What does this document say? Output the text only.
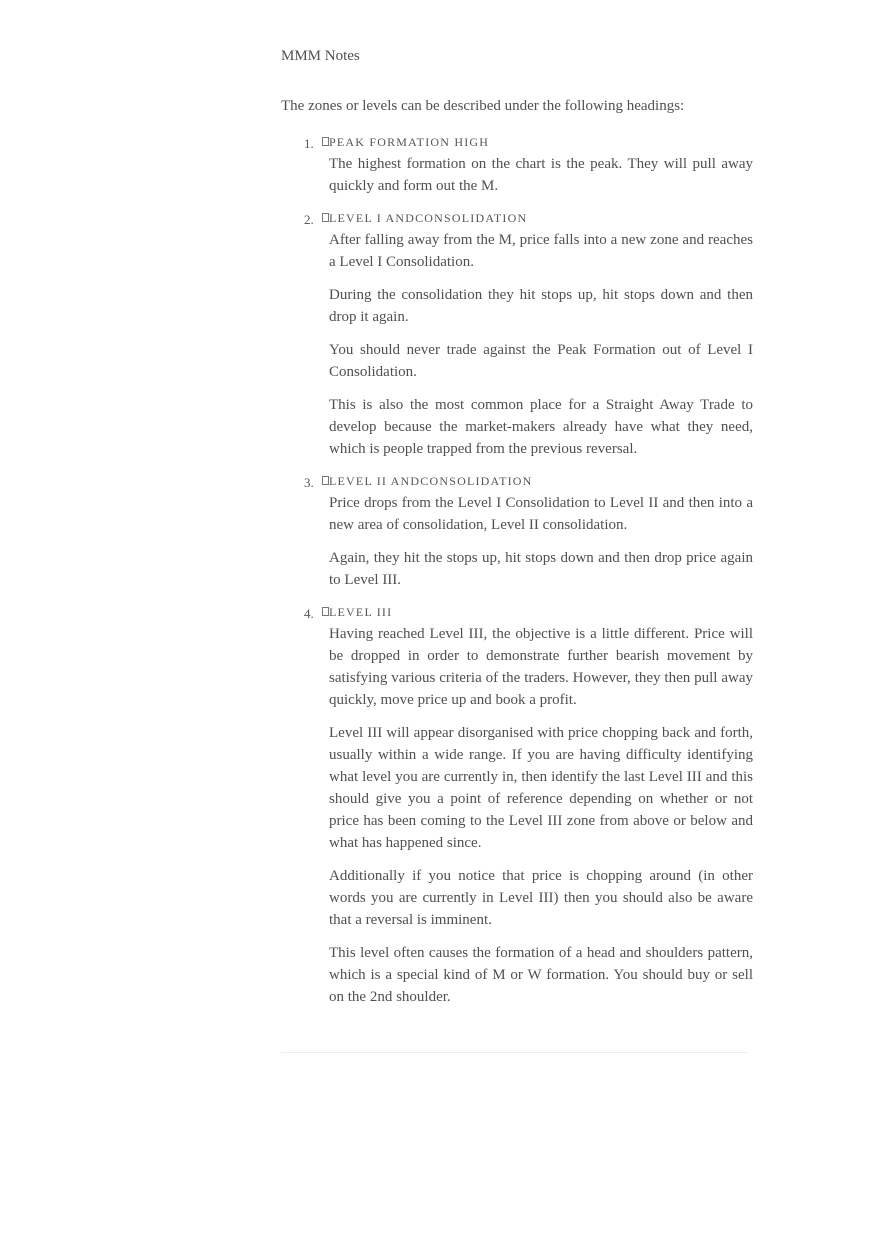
MMM Notes
The zones or levels can be described under the following headings:
1. PEAK FORMATION HIGH

The highest formation on the chart is the peak. They will pull away quickly and form out the M.

2. LEVEL I ANDCONSOLIDATION

After falling away from the M, price falls into a new zone and reaches a Level I Consolidation.

During the consolidation they hit stops up, hit stops down and then drop it again.

You should never trade against the Peak Formation out of Level I Consolidation.

This is also the most common place for a Straight Away Trade to develop because the market-makers already have what they need, which is people trapped from the previous reversal.

3. LEVEL II ANDCONSOLIDATION

Price drops from the Level I Consolidation to Level II and then into a new area of consolidation, Level II consolidation.

Again, they hit the stops up, hit stops down and then drop price again to Level III.

4. LEVEL III

Having reached Level III, the objective is a little different. Price will be dropped in order to demonstrate further bearish movement by satisfying various criteria of the traders. However, they then pull away quickly, move price up and book a profit.

Level III will appear disorganised with price chopping back and forth, usually within a wide range. If you are having difficulty identifying what level you are currently in, then identify the last Level III and this should give you a point of reference depending on whether or not price has been coming to the Level III zone from above or below and what has happened since.

Additionally if you notice that price is chopping around (in other words you are currently in Level III) then you should also be aware that a reversal is imminent.

This level often causes the formation of a head and shoulders pattern, which is a special kind of M or W formation. You should buy or sell on the 2nd shoulder.
